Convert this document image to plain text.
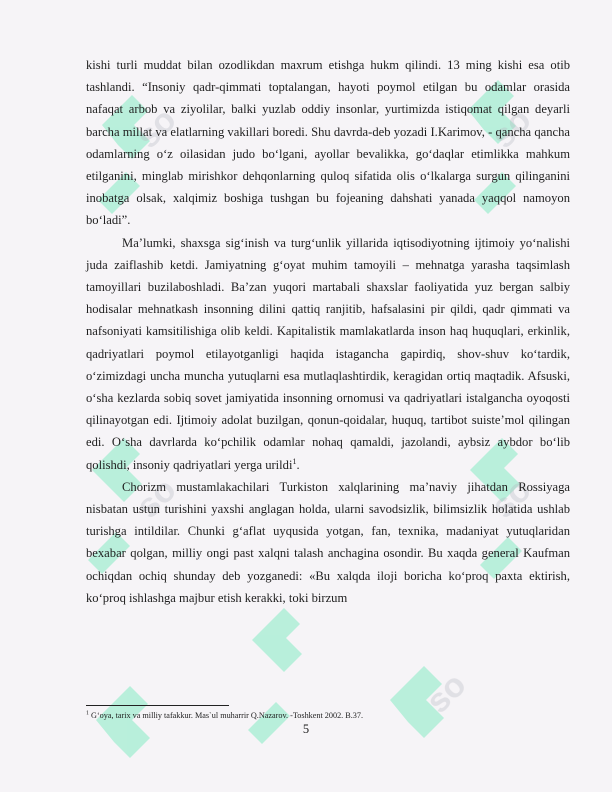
so
so
so
so
so

kishi turli muddat bilan ozodlikdan maxrum etishga hukm qilindi. 13 ming kishi esa otib tashlandi. “Insoniy qadr-qimmati toptalangan, hayoti poymol etilgan bu odamlar orasida nafaqat arbob va ziyolilar, balki yuzlab oddiy insonlar, yurtimizda istiqomat qilgan deyarli barcha millat va elatlarning vakillari boredi. Shu davrda-deb yozadi I.Karimov, - qancha qancha odamlarning o‘z oilasidan judo bo‘lgani, ayollar bevalikka, go‘daqlar etimlikka mahkum etilganini, minglab mirishkor dehqonlarning quloq sifatida olis o‘lkalarga surgun qilinganini inobatga olsak, xalqimiz boshiga tushgan bu fojeaning dahshati yanada yaqqol namoyon bo‘ladi”.

Ma’lumki, shaxsga sig‘inish va turg‘unlik yillarida iqtisodiyotning ijtimoiy yo‘nalishi juda zaiflashib ketdi. Jamiyatning g‘oyat muhim tamoyili – mehnatga yarasha taqsimlash tamoyillari buzilaboshladi. Ba’zan yuqori martabali shaxslar faoliyatida yuz bergan salbiy hodisalar mehnatkash insonning dilini qattiq ranjitib, hafsalasini pir qildi, qadr qimmati va nafsoniyati kamsitilishiga olib keldi. Kapitalistik mamlakatlarda inson haq huquqlari, erkinlik, qadriyatlari poymol etilayotganligi haqida istagancha gapirdiq, shov-shuv ko‘tardik, o‘zimizdagi uncha muncha yutuqlarni esa mutlaqlashtirdik, keragidan ortiq maqtadik. Afsuski, o‘sha kezlarda sobiq sovet jamiyatida insonning ornomusi va qadriyatlari istalgancha oyoqosti qilinayotgan edi. Ijtimoiy adolat buzilgan, qonun-qoidalar, huquq, tartibot suiste’mol qilingan edi. O‘sha davrlarda ko‘pchilik odamlar nohaq qamaldi, jazolandi, aybsiz aybdor bo‘lib qolishdi, insoniy qadriyatlari yerga urildi$^1$.

Chorizm mustamlakachilari Turkiston xalqlarining ma’naviy jihatdan Rossiyaga nisbatan ustun turishini yaxshi anglagan holda, ularni savodsizlik, bilimsizlik holatida ushlab turishga intildilar. Chunki g‘aflat uyqusida yotgan, fan, texnika, madaniyat yutuqlaridan bexabar qolgan, milliy ongi past xalqni talash anchagina osondir. Bu xaqda general Kaufman ochiqdan ochiq shunday deb yozganedi: «Bu xalqda iloji boricha ko‘proq paxta ektirish, ko‘proq ishlashga majbur etish kerakki, toki birzum

$^1$ G‘oya, tarix va milliy tafakkur. Mas`ul muharrir Q.Nazarov. -Toshkent 2002. B.37.
5
